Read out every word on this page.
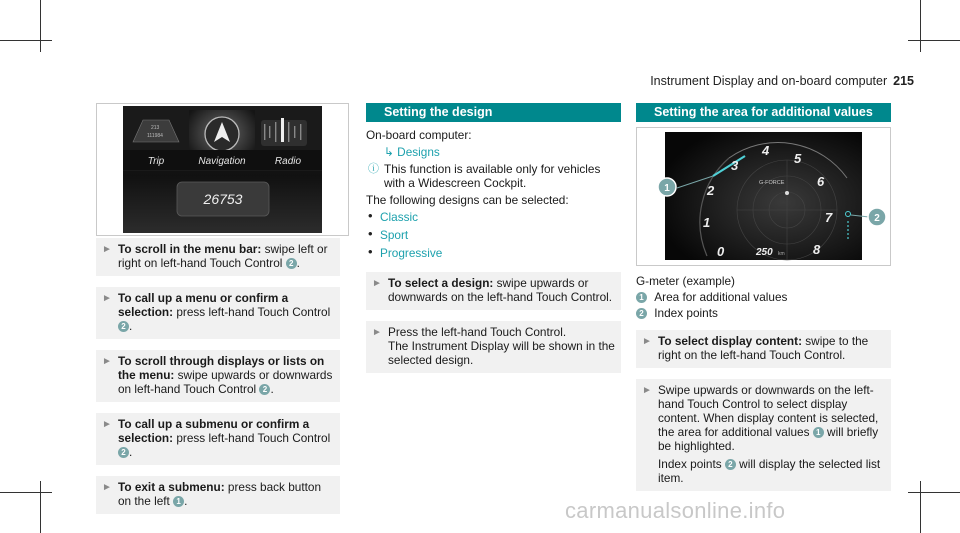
Instrument Display and on-board computer 215
213
111984
Trip	Navigation	Radio
26753
► To scroll in the menu bar: swipe left or right on left-hand Touch Control 2 .
► To call up a menu or confirm a selection: press left-hand Touch Control 2 .
► To scroll through displays or lists on the menu: swipe upwards or downwards on left-hand Touch Control 2 .
► To call up a submenu or confirm a selection: press left-hand Touch Control 2 .
► To exit a submenu: press back button on the left 1 .
Setting the design
On-board computer:
↳ Designs
ⓘ This function is available only for vehicles with a Widescreen Cockpit.
The following designs can be selected:
• Classic
• Sport
• Progressive
► To select a design: swipe upwards or downwards on the left-hand Touch Control.
► Press the left-hand Touch Control.
The Instrument Display will be shown in the selected design.
Setting the area for additional values
0
1
2
3
4
5
6
7
8
G-FORCE
250 km
1
2
G-meter (example)
1 Area for additional values
2 Index points
► To select display content: swipe to the right on the left-hand Touch Control.
► Swipe upwards or downwards on the left-hand Touch Control to select display content. When display content is selected, the area for additional values 1 will briefly be highlighted.
Index points 2 will display the selected list item.
carmanualsonline.info
